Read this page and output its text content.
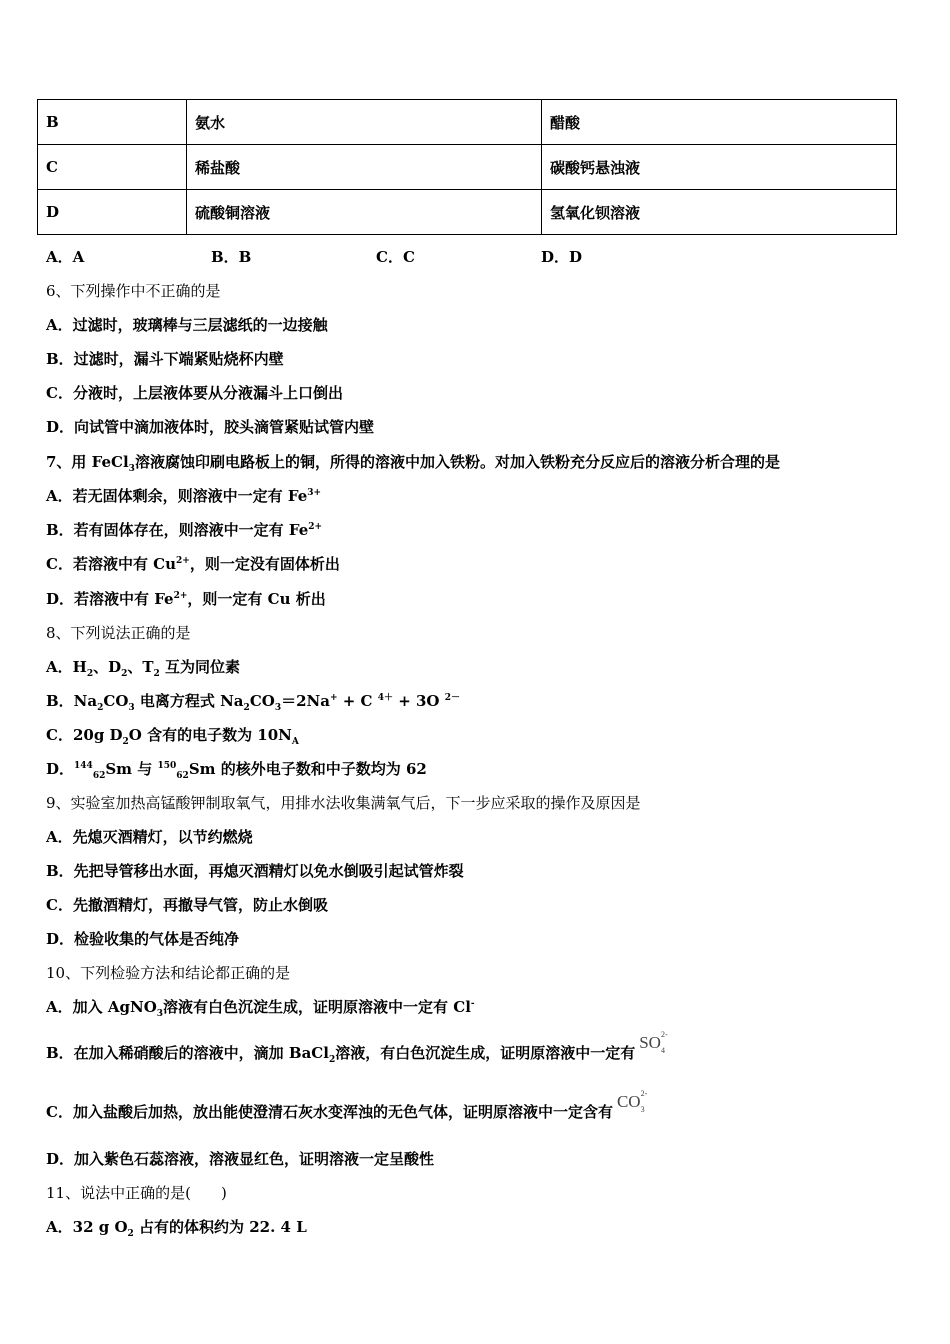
B	氨水	醋酸
C	稀盐酸	碳酸钙悬浊液
D	硫酸铜溶液	氢氧化钡溶液
A．A	B．B	C．C	D．D
6、下列操作中不正确的是
A．过滤时，玻璃棒与三层滤纸的一边接触
B．过滤时，漏斗下端紧贴烧杯内壁
C．分液时，上层液体要从分液漏斗上口倒出
D．向试管中滴加液体时，胶头滴管紧贴试管内壁
7、用 FeCl$_3$溶液腐蚀印刷电路板上的铜，所得的溶液中加入铁粉。对加入铁粉充分反应后的溶液分析合理的是
A．若无固体剩余，则溶液中一定有 $Fe^{3+}$
B．若有固体存在，则溶液中一定有 $Fe^{2+}$
C．若溶液中有 $Cu^{2+}$，则一定没有固体析出
D．若溶液中有 $Fe^{2+}$，则一定有 Cu 析出
8、下列说法正确的是
A．$H_2$、$D_2$、$T_2$ 互为同位素
B．$Na_2CO_3$ 电离方程式 $Na_2CO_3=2Na^+ + C$ $^{4+}$ + 3O $^{2-}$
C．20g $D_2O$ 含有的电子数为 $10N_A$
D．$^{144}_{62}$Sm 与 $^{150}_{62}$Sm 的核外电子数和中子数均为 62
9、实验室加热高锰酸钾制取氧气，用排水法收集满氧气后，下一步应采取的操作及原因是
A．先熄灭酒精灯，以节约燃烧
B．先把导管移出水面，再熄灭酒精灯以免水倒吸引起试管炸裂
C．先撤酒精灯，再撤导气管，防止水倒吸
D．检验收集的气体是否纯净
10、下列检验方法和结论都正确的是
A．加入 AgNO$_3$溶液有白色沉淀生成，证明原溶液中一定有 Cl-
B．在加入稀硝酸后的溶液中，滴加 BaCl$_2$溶液，有白色沉淀生成，证明原溶液中一定有SO 2-
4
C．加入盐酸后加热，放出能使澄清石灰水变浑浊的无色气体，证明原溶液中一定含有CO 2-
3
D．加入紫色石蕊溶液，溶液显红色，证明溶液一定呈酸性
11、说法中正确的是(　　)
A．32 g $O_2$ 占有的体积约为 22. 4 L
